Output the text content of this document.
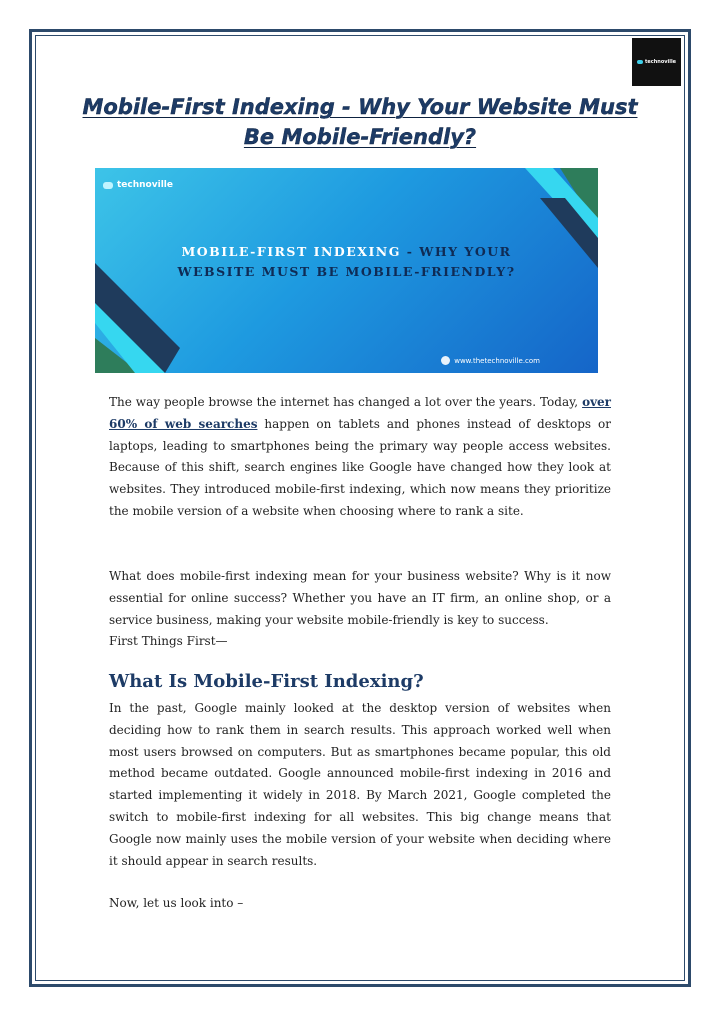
technoville
Mobile-First Indexing - Why Your Website Must Be Mobile-Friendly?
technoville
MOBILE-FIRST INDEXING - WHY YOUR WEBSITE MUST BE MOBILE-FRIENDLY?
www.thetechnoville.com

The way people browse the internet has changed a lot over the years. Today, over 60% of web searches happen on tablets and phones instead of desktops or laptops, leading to smartphones being the primary way people access websites. Because of this shift, search engines like Google have changed how they look at websites. They introduced mobile-first indexing, which now means they prioritize the mobile version of a website when choosing where to rank a site.

What does mobile-first indexing mean for your business website? Why is it now essential for online success? Whether you have an IT firm, an online shop, or a service business, making your website mobile-friendly is key to success.

First Things First—

What Is Mobile-First Indexing?

In the past, Google mainly looked at the desktop version of websites when deciding how to rank them in search results. This approach worked well when most users browsed on computers. But as smartphones became popular, this old method became outdated. Google announced mobile-first indexing in 2016 and started implementing it widely in 2018. By March 2021, Google completed the switch to mobile-first indexing for all websites. This big change means that Google now mainly uses the mobile version of your website when deciding where it should appear in search results.

Now, let us look into –
